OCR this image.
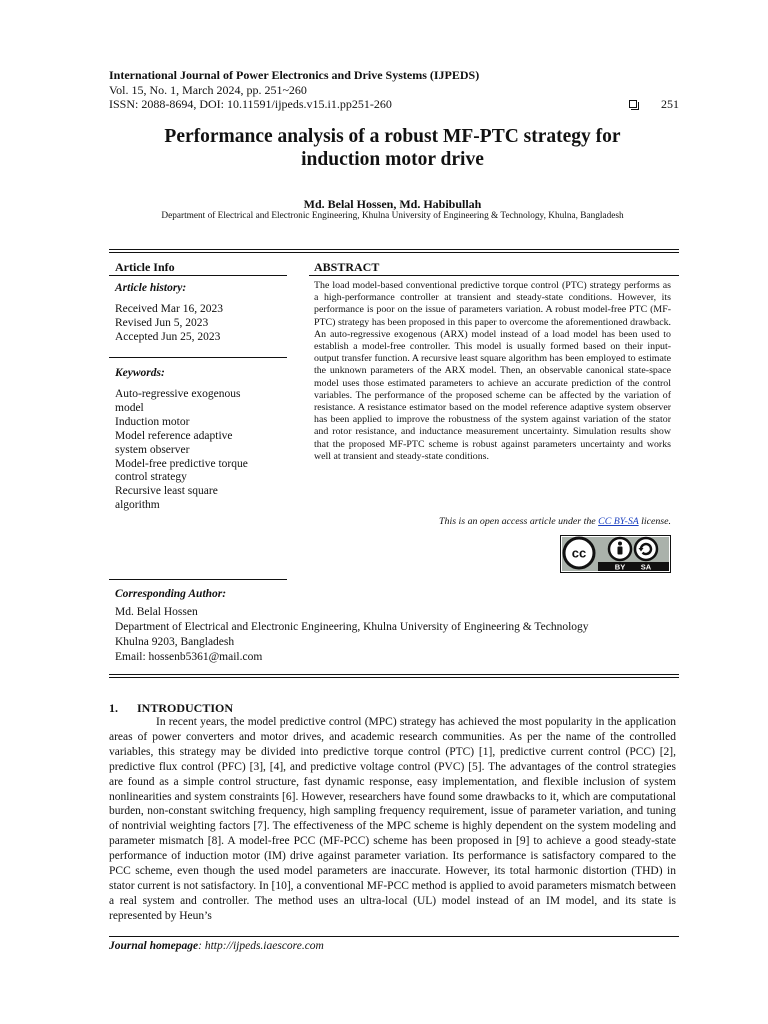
International Journal of Power Electronics and Drive Systems (IJPEDS)
Vol. 15, No. 1, March 2024, pp. 251~260
ISSN: 2088-8694, DOI: 10.11591/ijpeds.v15.i1.pp251-260	251
Performance analysis of a robust MF-PTC strategy for
induction motor drive
Md. Belal Hossen, Md. Habibullah
Department of Electrical and Electronic Engineering, Khulna University of Engineering & Technology, Khulna, Bangladesh
Article Info	ABSTRACT
Article history:
Received Mar 16, 2023
Revised Jun 5, 2023
Accepted Jun 25, 2023
Keywords:
Auto-regressive exogenous
model
Induction motor
Model reference adaptive
system observer
Model-free predictive torque
control strategy
Recursive least square
algorithm
The load model-based conventional predictive torque control (PTC) strategy performs as a high-performance controller at transient and steady-state conditions. However, its performance is poor on the issue of parameters variation. A robust model-free PTC (MF-PTC) strategy has been proposed in this paper to overcome the aforementioned drawback. An auto-regressive exogenous (ARX) model instead of a load model has been used to establish a model-free controller. This model is usually formed based on their input-output transfer function. A recursive least square algorithm has been employed to estimate the unknown parameters of the ARX model. Then, an observable canonical state-space model uses those estimated parameters to achieve an accurate prediction of the control variables. The performance of the proposed scheme can be affected by the variation of resistance. A resistance estimator based on the model reference adaptive system observer has been applied to improve the robustness of the system against variation of the stator and rotor resistance, and inductance measurement uncertainty. Simulation results show that the proposed MF-PTC scheme is robust against parameters uncertainty and works well at transient and steady-state conditions.
This is an open access article under the CC BY-SA license.
cc
BY SA
Corresponding Author:
Md. Belal Hossen
Department of Electrical and Electronic Engineering, Khulna University of Engineering & Technology
Khulna 9203, Bangladesh
Email: hossenb5361@mail.com
1. INTRODUCTION
In recent years, the model predictive control (MPC) strategy has achieved the most popularity in the application areas of power converters and motor drives, and academic research communities. As per the name of the controlled variables, this strategy may be divided into predictive torque control (PTC) [1], predictive current control (PCC) [2], predictive flux control (PFC) [3], [4], and predictive voltage control (PVC) [5]. The advantages of the control strategies are found as a simple control structure, fast dynamic response, easy implementation, and flexible inclusion of system nonlinearities and system constraints [6]. However, researchers have found some drawbacks to it, which are computational burden, non-constant switching frequency, high sampling frequency requirement, issue of parameter variation, and tuning of nontrivial weighting factors [7]. The effectiveness of the MPC scheme is highly dependent on the system modeling and parameter mismatch [8]. A model-free PCC (MF-PCC) scheme has been proposed in [9] to achieve a good steady-state performance of induction motor (IM) drive against parameter variation. Its performance is satisfactory compared to the PCC scheme, even though the used model parameters are inaccurate. However, its total harmonic distortion (THD) in stator current is not satisfactory. In [10], a conventional MF-PCC method is applied to avoid parameters mismatch between a real system and controller. The method uses an ultra-local (UL) model instead of an IM model, and its state is represented by Heun’s
Journal homepage: http://ijpeds.iaescore.com
